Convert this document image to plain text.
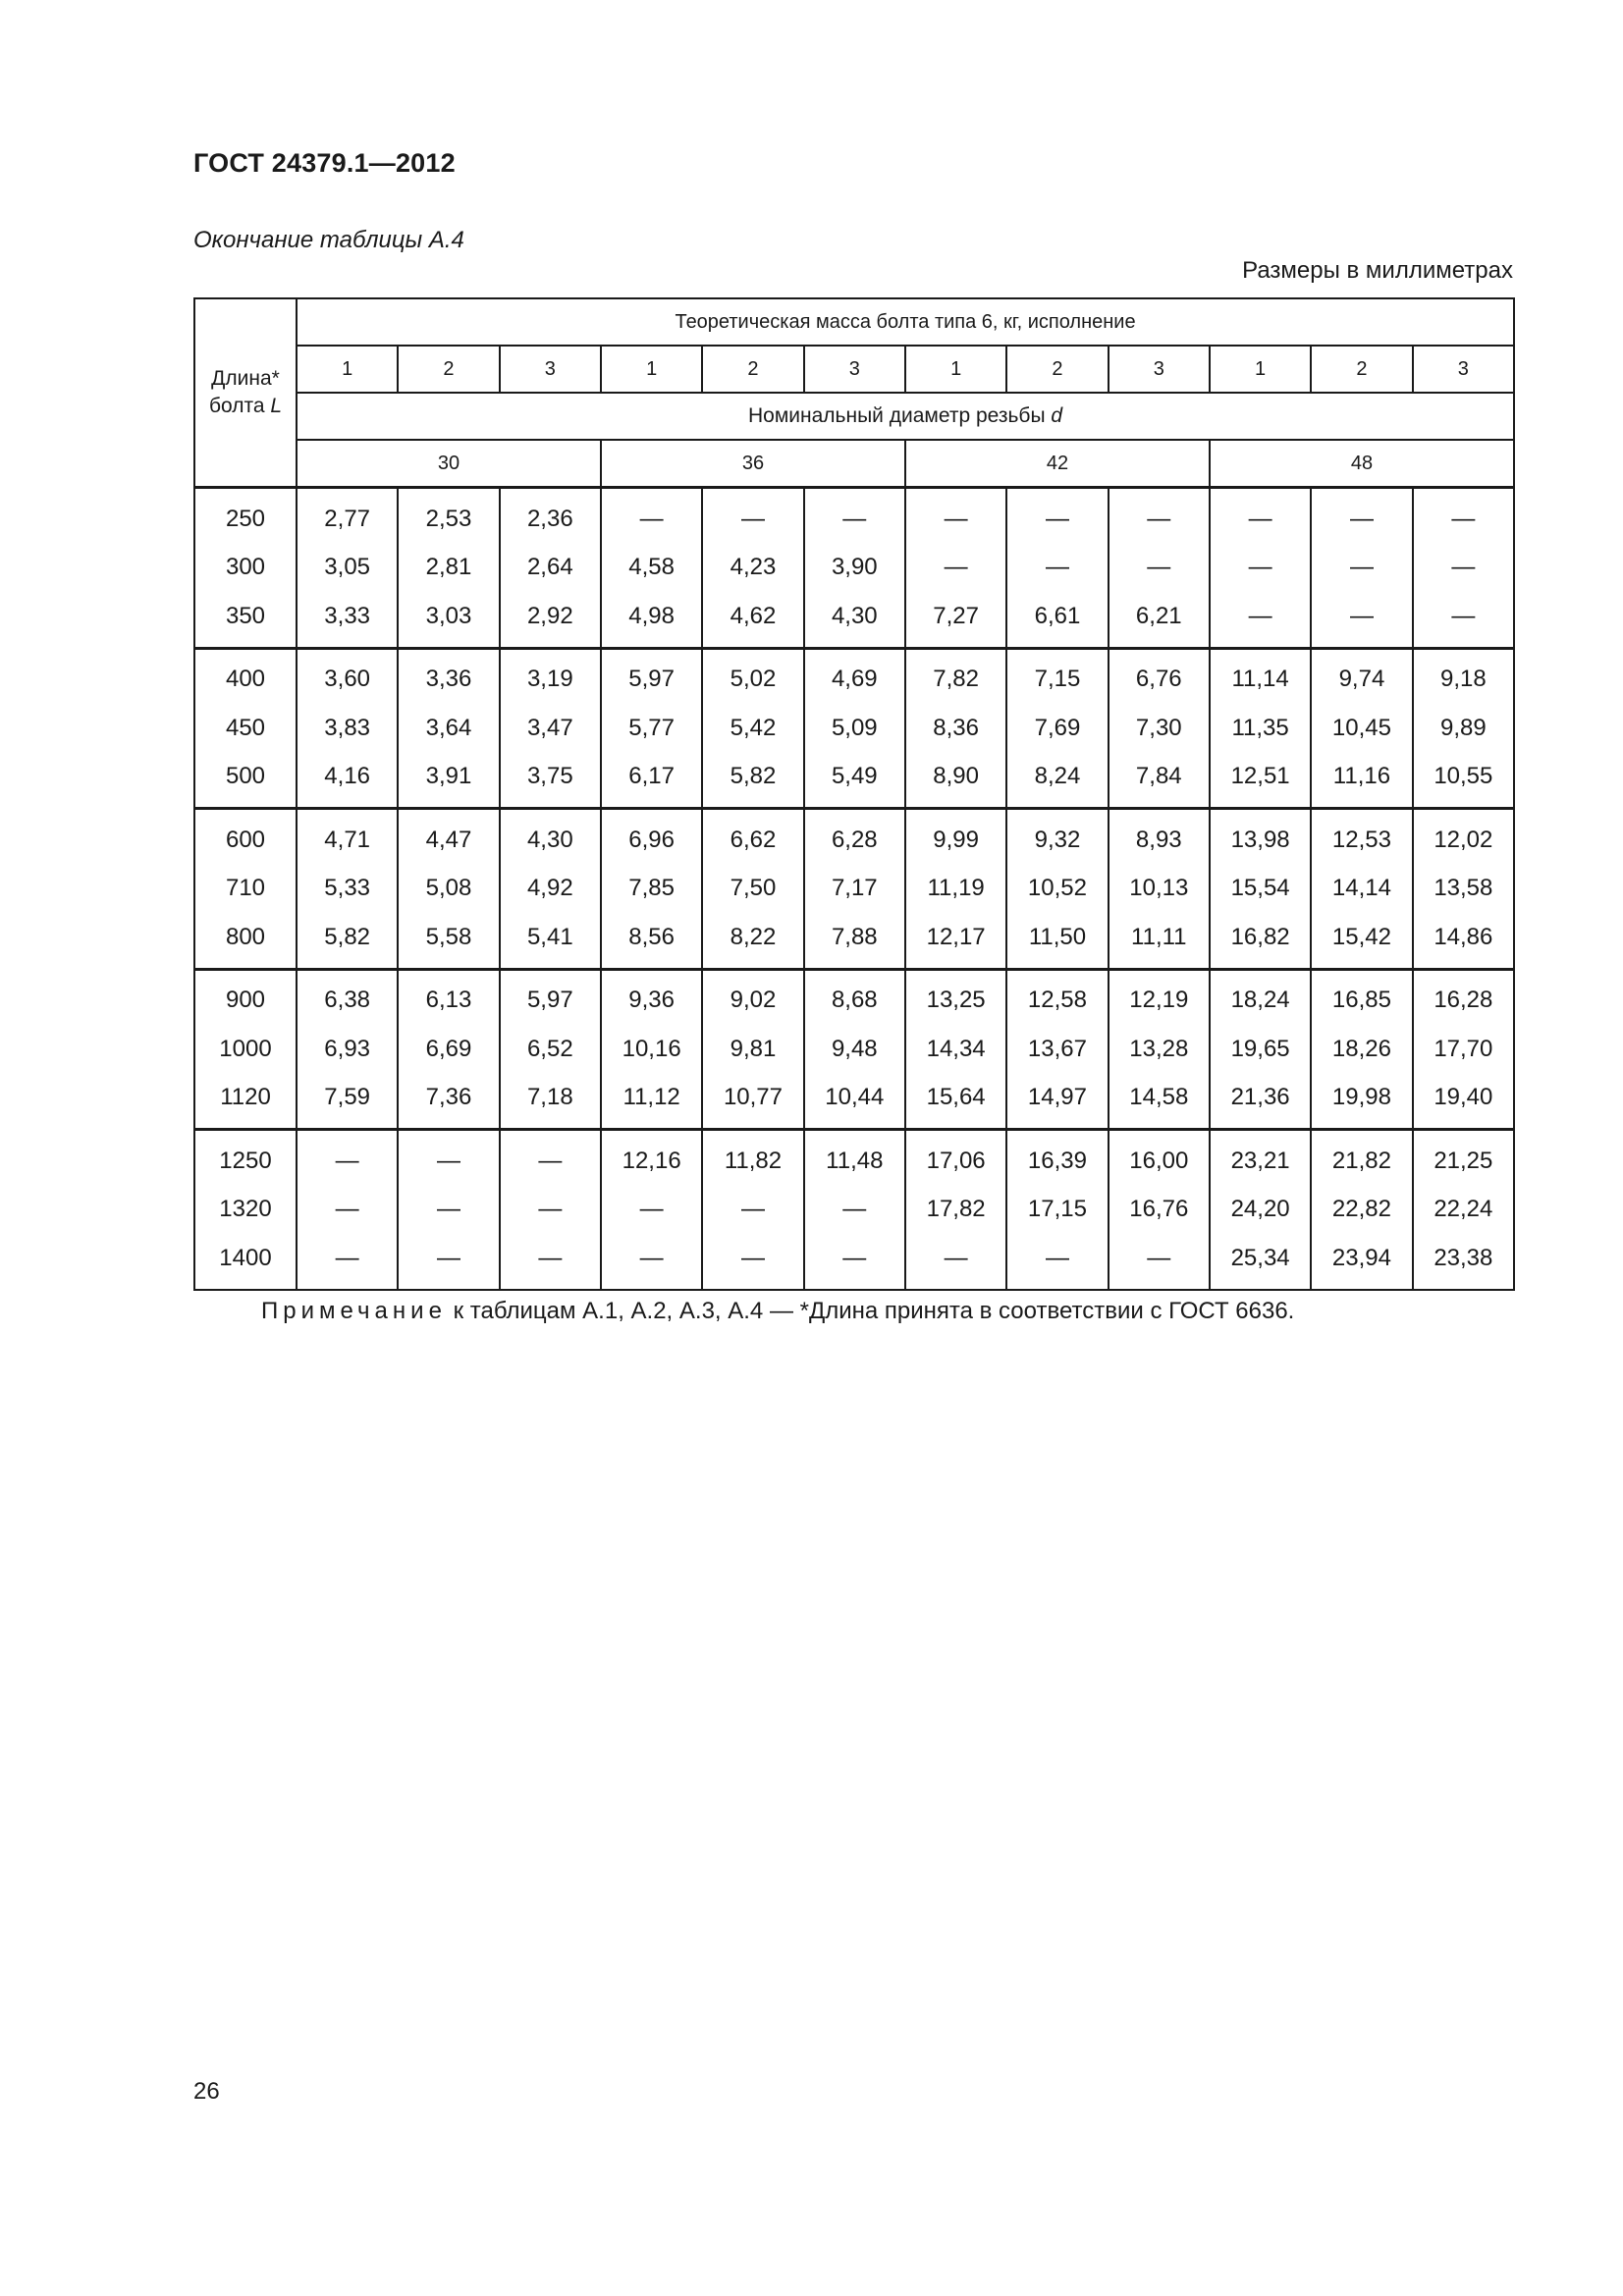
ГОСТ 24379.1—2012
Окончание таблицы А.4
Размеры в миллиметрах
Длина*
болта L	Теоретическая масса болта типа 6, кг, исполнение											
	1	2	3	1	2	3	1	2	3	1	2	3
	Номинальный диаметр резьбы d											
	30			36			42			48		
250	2,77	2,53	2,36	—	—	—	—	—	—	—	—	—
300	3,05	2,81	2,64	4,58	4,23	3,90	—	—	—	—	—	—
350	3,33	3,03	2,92	4,98	4,62	4,30	7,27	6,61	6,21	—	—	—
400	3,60	3,36	3,19	5,97	5,02	4,69	7,82	7,15	6,76	11,14	9,74	9,18
450	3,83	3,64	3,47	5,77	5,42	5,09	8,36	7,69	7,30	11,35	10,45	9,89
500	4,16	3,91	3,75	6,17	5,82	5,49	8,90	8,24	7,84	12,51	11,16	10,55
600	4,71	4,47	4,30	6,96	6,62	6,28	9,99	9,32	8,93	13,98	12,53	12,02
710	5,33	5,08	4,92	7,85	7,50	7,17	11,19	10,52	10,13	15,54	14,14	13,58
800	5,82	5,58	5,41	8,56	8,22	7,88	12,17	11,50	11,11	16,82	15,42	14,86
900	6,38	6,13	5,97	9,36	9,02	8,68	13,25	12,58	12,19	18,24	16,85	16,28
1000	6,93	6,69	6,52	10,16	9,81	9,48	14,34	13,67	13,28	19,65	18,26	17,70
1120	7,59	7,36	7,18	11,12	10,77	10,44	15,64	14,97	14,58	21,36	19,98	19,40
1250	—	—	—	12,16	11,82	11,48	17,06	16,39	16,00	23,21	21,82	21,25
1320	—	—	—	—	—	—	17,82	17,15	16,76	24,20	22,82	22,24
1400	—	—	—	—	—	—	—	—	—	25,34	23,94	23,38
Примечание к таблицам А.1, А.2, А.3, А.4 — *Длина принята в соответствии с ГОСТ 6636.
26
